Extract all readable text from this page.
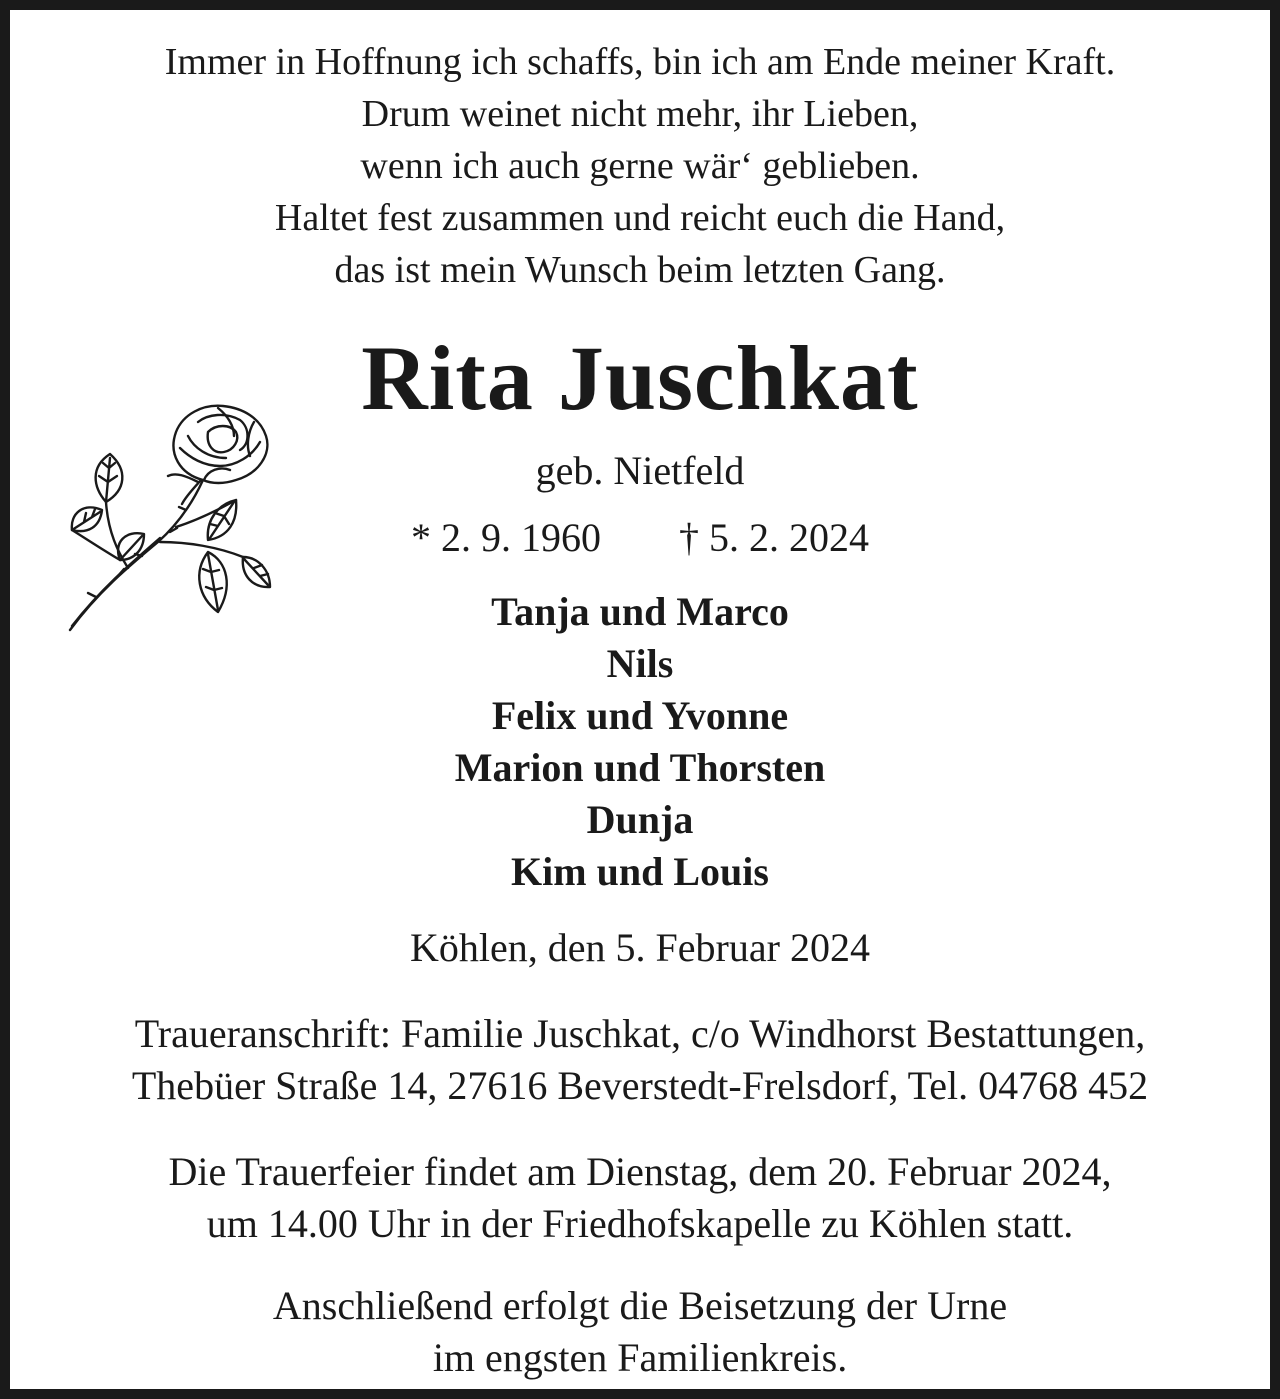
Immer in Hoffnung ich schaffs, bin ich am Ende meiner Kraft.
Drum weinet nicht mehr, ihr Lieben,
wenn ich auch gerne wär‘ geblieben.
Haltet fest zusammen und reicht euch die Hand,
das ist mein Wunsch beim letzten Gang.
Rita Juschkat
geb. Nietfeld
* 2. 9. 1960 † 5. 2. 2024
Tanja und Marco
Nils
Felix und Yvonne
Marion und Thorsten
Dunja
Kim und Louis
Köhlen, den 5. Februar 2024
Traueranschrift: Familie Juschkat, c/o Windhorst Bestattungen,
Thebüer Straße 14, 27616 Beverstedt-Frelsdorf, Tel. 04768 452
Die Trauerfeier findet am Dienstag, dem 20. Februar 2024,
um 14.00 Uhr in der Friedhofskapelle zu Köhlen statt.
Anschließend erfolgt die Beisetzung der Urne
im engsten Familienkreis.
